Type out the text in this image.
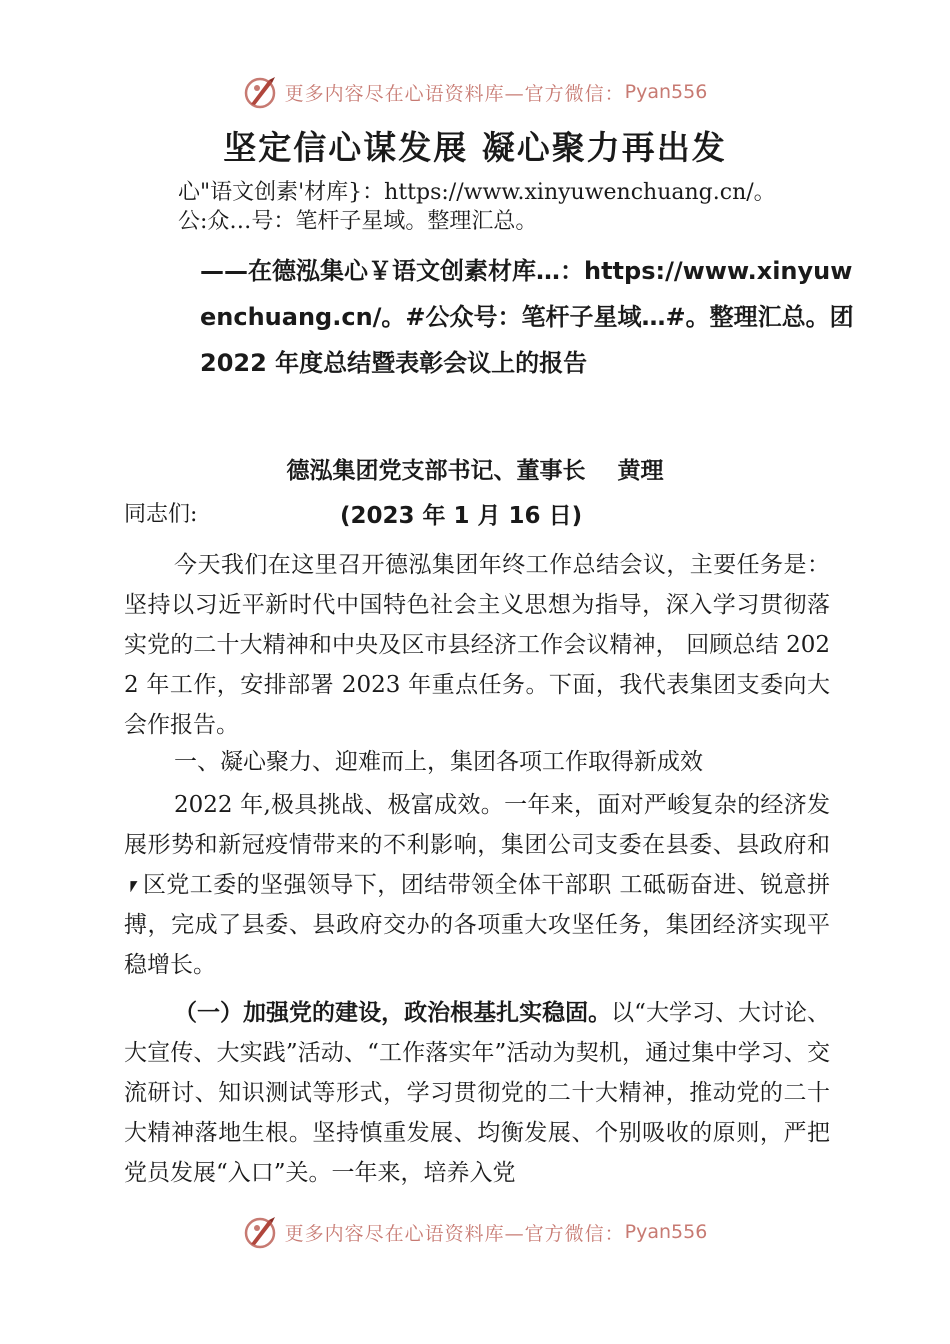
更多内容尽在心语资料库—官方微信： Pyan556
坚定信心谋发展 凝心聚力再出发

心"语文创素'材库}：https://www.xinyuwenchuang.cn/。

公:众…号：笔杆子星域。整理汇总。

——在德泓集心￥语文创素材库…：https://www.xinyuwenchuang.cn/。#公众号：笔杆子星域…#。整理汇总。团 2022 年度总结暨表彰会议上的报告

德泓集团党支部书记、董事长    黄理

同志们:	(2023 年 1 月 16 日)

今天我们在这里召开德泓集团年终工作总结会议，主要任务是：坚持以习近平新时代中国特色社会主义思想为指导，深入学习贯彻落实党的二十大精神和中央及区市县经济工作会议精神， 回顾总结 2022 年工作，安排部署 2023 年重点任务。下面，我代表集团支委向大会作报告。

一、凝心聚力、迎难而上，集团各项工作取得新成效

2022 年,极具挑战、极富成效。一年来，面对严峻复杂的经济发展形势和新冠疫情带来的不利影响，集团公司支委在县委、县政府和⎖区党工委的坚强领导下，团结带领全体干部职 工砥砺奋进、锐意拼搏，完成了县委、县政府交办的各项重大攻坚任务，集团经济实现平稳增长。

（一）加强党的建设，政治根基扎实稳固。以“大学习、大讨论、大宣传、大实践”活动、“工作落实年”活动为契机，通过集中学习、交流研讨、知识测试等形式，学习贯彻党的二十大精神，推动党的二十大精神落地生根。坚持慎重发展、均衡发展、个别吸收的原则，严把党员发展“入口”关。一年来，培养入党

更多内容尽在心语资料库—官方微信： Pyan556
